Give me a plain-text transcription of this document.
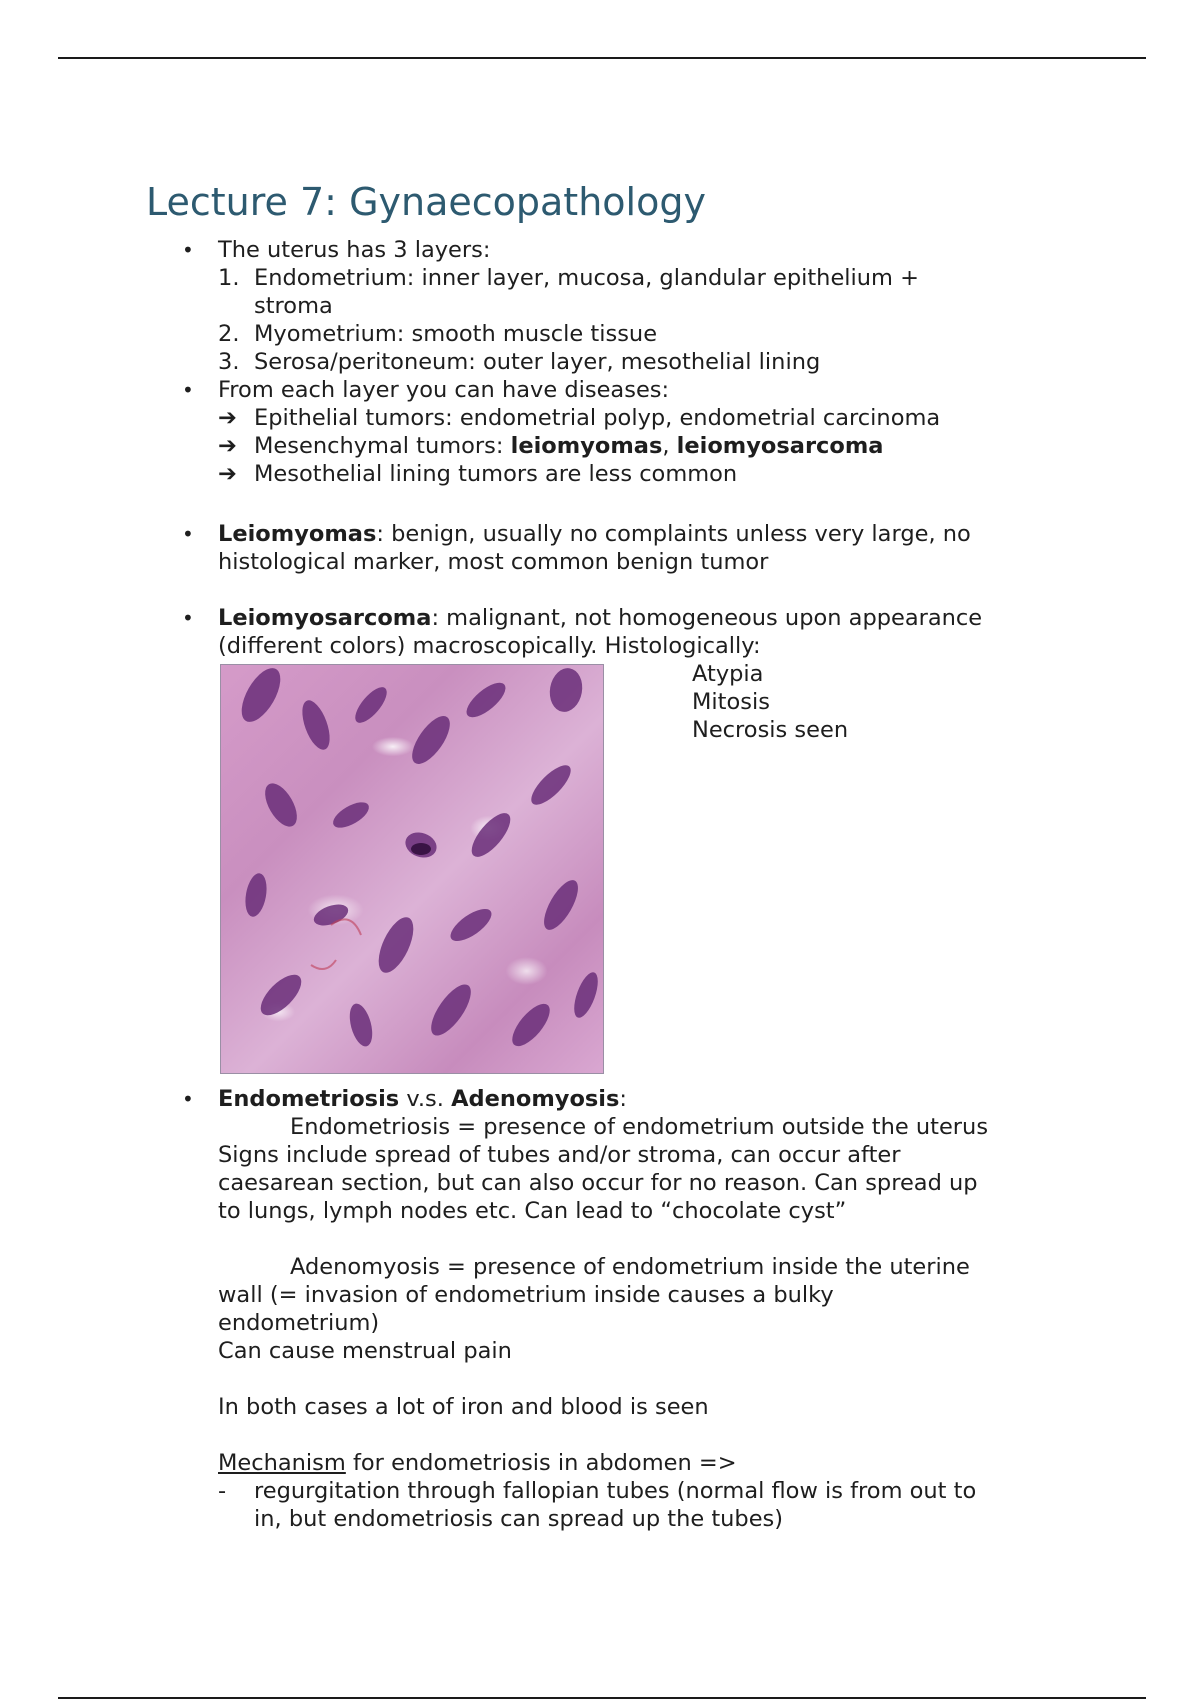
Lecture 7: Gynaecopathology
• The uterus has 3 layers:
1. Endometrium: inner layer, mucosa, glandular epithelium +
stroma
2. Myometrium: smooth muscle tissue
3. Serosa/peritoneum: outer layer, mesothelial lining
• From each layer you can have diseases:
➔ Epithelial tumors: endometrial polyp, endometrial carcinoma
➔ Mesenchymal tumors: leiomyomas, leiomyosarcoma
➔ Mesothelial lining tumors are less common
• Leiomyomas: benign, usually no complaints unless very large, no
histological marker, most common benign tumor
• Leiomyosarcoma: malignant, not homogeneous upon appearance
(different colors) macroscopically. Histologically:
Atypia
Mitosis
Necrosis seen
• Endometriosis v.s. Adenomyosis:
Endometriosis = presence of endometrium outside the uterus
Signs include spread of tubes and/or stroma, can occur after
caesarean section, but can also occur for no reason. Can spread up
to lungs, lymph nodes etc. Can lead to “chocolate cyst”
Adenomyosis = presence of endometrium inside the uterine
wall (= invasion of endometrium inside causes a bulky
endometrium)
Can cause menstrual pain
In both cases a lot of iron and blood is seen
Mechanism for endometriosis in abdomen =>
- regurgitation through fallopian tubes (normal flow is from out to
in, but endometriosis can spread up the tubes)
